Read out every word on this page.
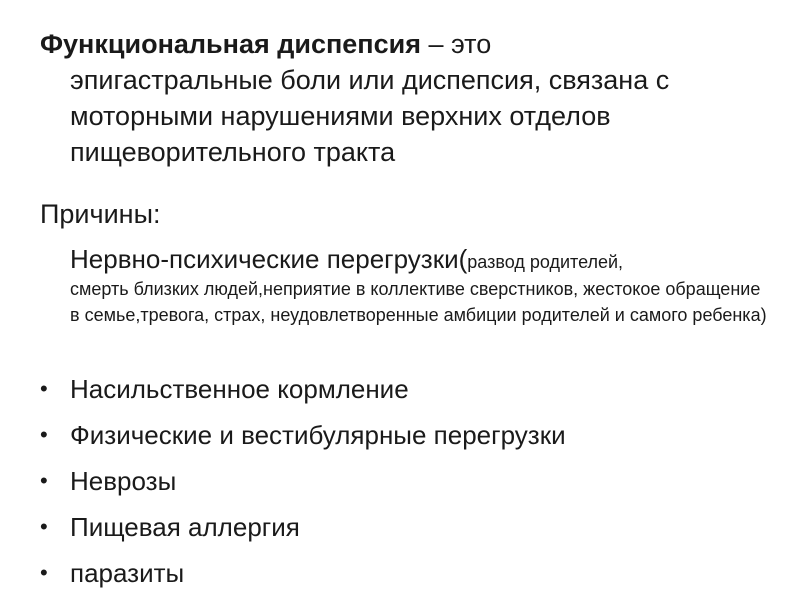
Функциональная диспепсия – это
эпигастральные боли или диспепсия, связана с моторными нарушениями верхних отделов пищеворительного тракта
Причины:
Нервно-психические перегрузки(развод родителей,
смерть близких людей,неприятие в коллективе сверстников, жестокое обращение в семье,тревога, страх, неудовлетворенные амбиции родителей и самого ребенка)
• Насильственное кормление
• Физические и вестибулярные перегрузки
• Неврозы
• Пищевая аллергия
• паразиты
